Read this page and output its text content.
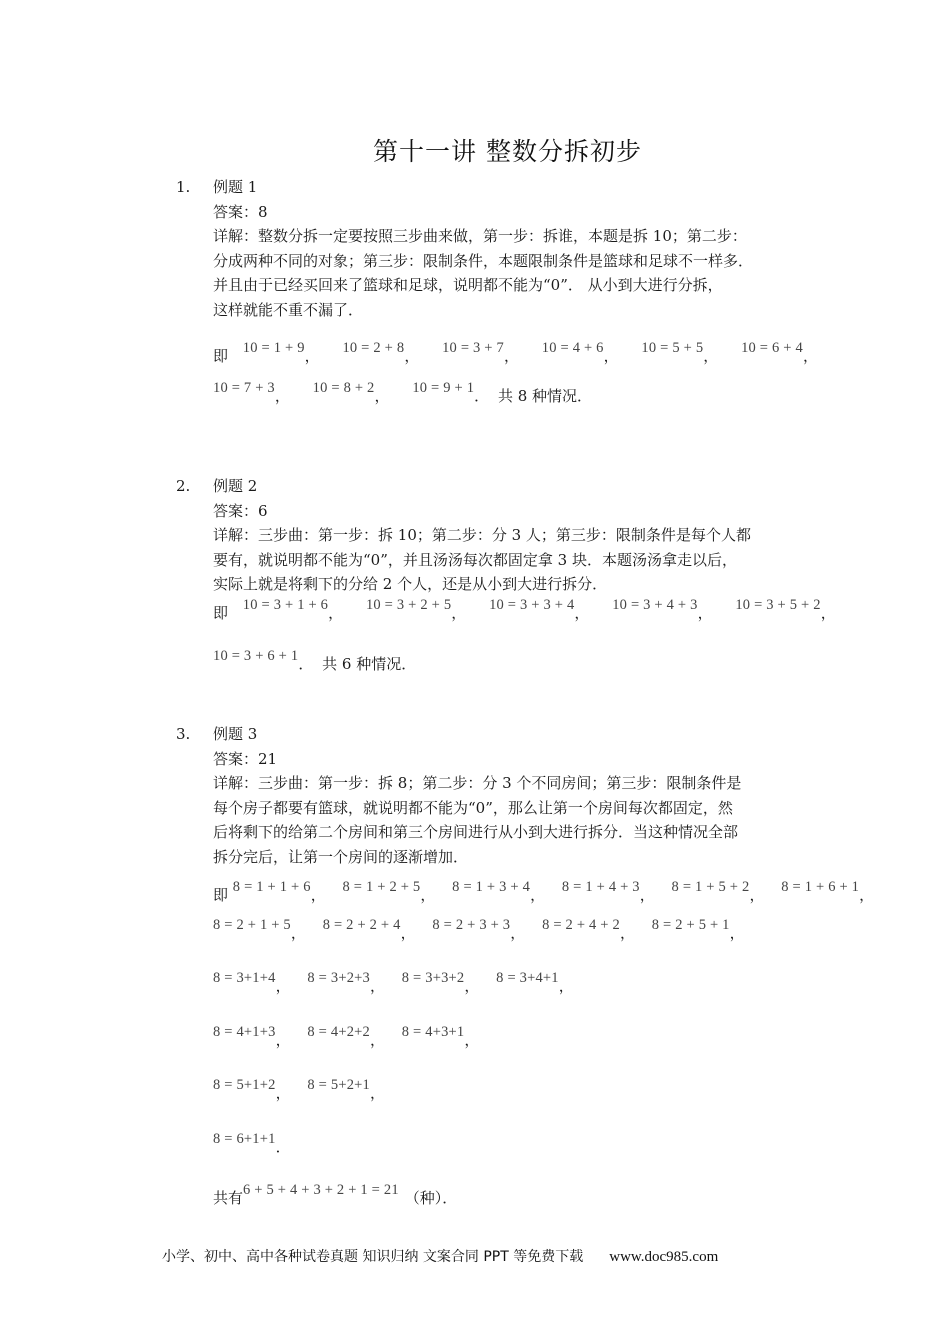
第十一讲 整数分拆初步
1. 例题 1
答案：8
详解：整数分拆一定要按照三步曲来做，第一步：拆谁，本题是拆 10；第二步：
分成两种不同的对象；第三步：限制条件，本题限制条件是篮球和足球不一样多．
并且由于已经买回来了篮球和足球，说明都不能为“0”． 从小到大进行分拆，
这样就能不重不漏了．
即 10 = 1 + 9， 10 = 2 + 8， 10 = 3 + 7， 10 = 4 + 6， 10 = 5 + 5， 10 = 6 + 4，
10 = 7 + 3， 10 = 8 + 2， 10 = 9 + 1． 共 8 种情况．
2. 例题 2
答案：6
详解：三步曲：第一步：拆 10；第二步：分 3 人；第三步：限制条件是每个人都
要有，就说明都不能为“0”，并且汤汤每次都固定拿 3 块．本题汤汤拿走以后，
实际上就是将剩下的分给 2 个人，还是从小到大进行拆分．
即 10 = 3 + 1 + 6， 10 = 3 + 2 + 5， 10 = 3 + 3 + 4， 10 = 3 + 4 + 3， 10 = 3 + 5 + 2，
10 = 3 + 6 + 1． 共 6 种情况．
3. 例题 3
答案：21
详解：三步曲：第一步：拆 8；第二步：分 3 个不同房间；第三步：限制条件是
每个房子都要有篮球，就说明都不能为“0”，那么让第一个房间每次都固定，然
后将剩下的给第二个房间和第三个房间进行从小到大进行拆分．当这种情况全部
拆分完后，让第一个房间的逐渐增加．
即 8 = 1 + 1 + 6， 8 = 1 + 2 + 5， 8 = 1 + 3 + 4， 8 = 1 + 4 + 3， 8 = 1 + 5 + 2， 8 = 1 + 6 + 1，
8 = 2 + 1 + 5， 8 = 2 + 2 + 4， 8 = 2 + 3 + 3， 8 = 2 + 4 + 2， 8 = 2 + 5 + 1，
8 = 3+1+4， 8 = 3+2+3， 8 = 3+3+2， 8 = 3+4+1，
8 = 4+1+3， 8 = 4+2+2， 8 = 4+3+1，
8 = 5+1+2， 8 = 5+2+1，
8 = 6+1+1．
共有6 + 5 + 4 + 3 + 2 + 1 = 21 （种）．
小学、初中、高中各种试卷真题 知识归纳 文案合同 PPT 等免费下载 www.doc985.com
